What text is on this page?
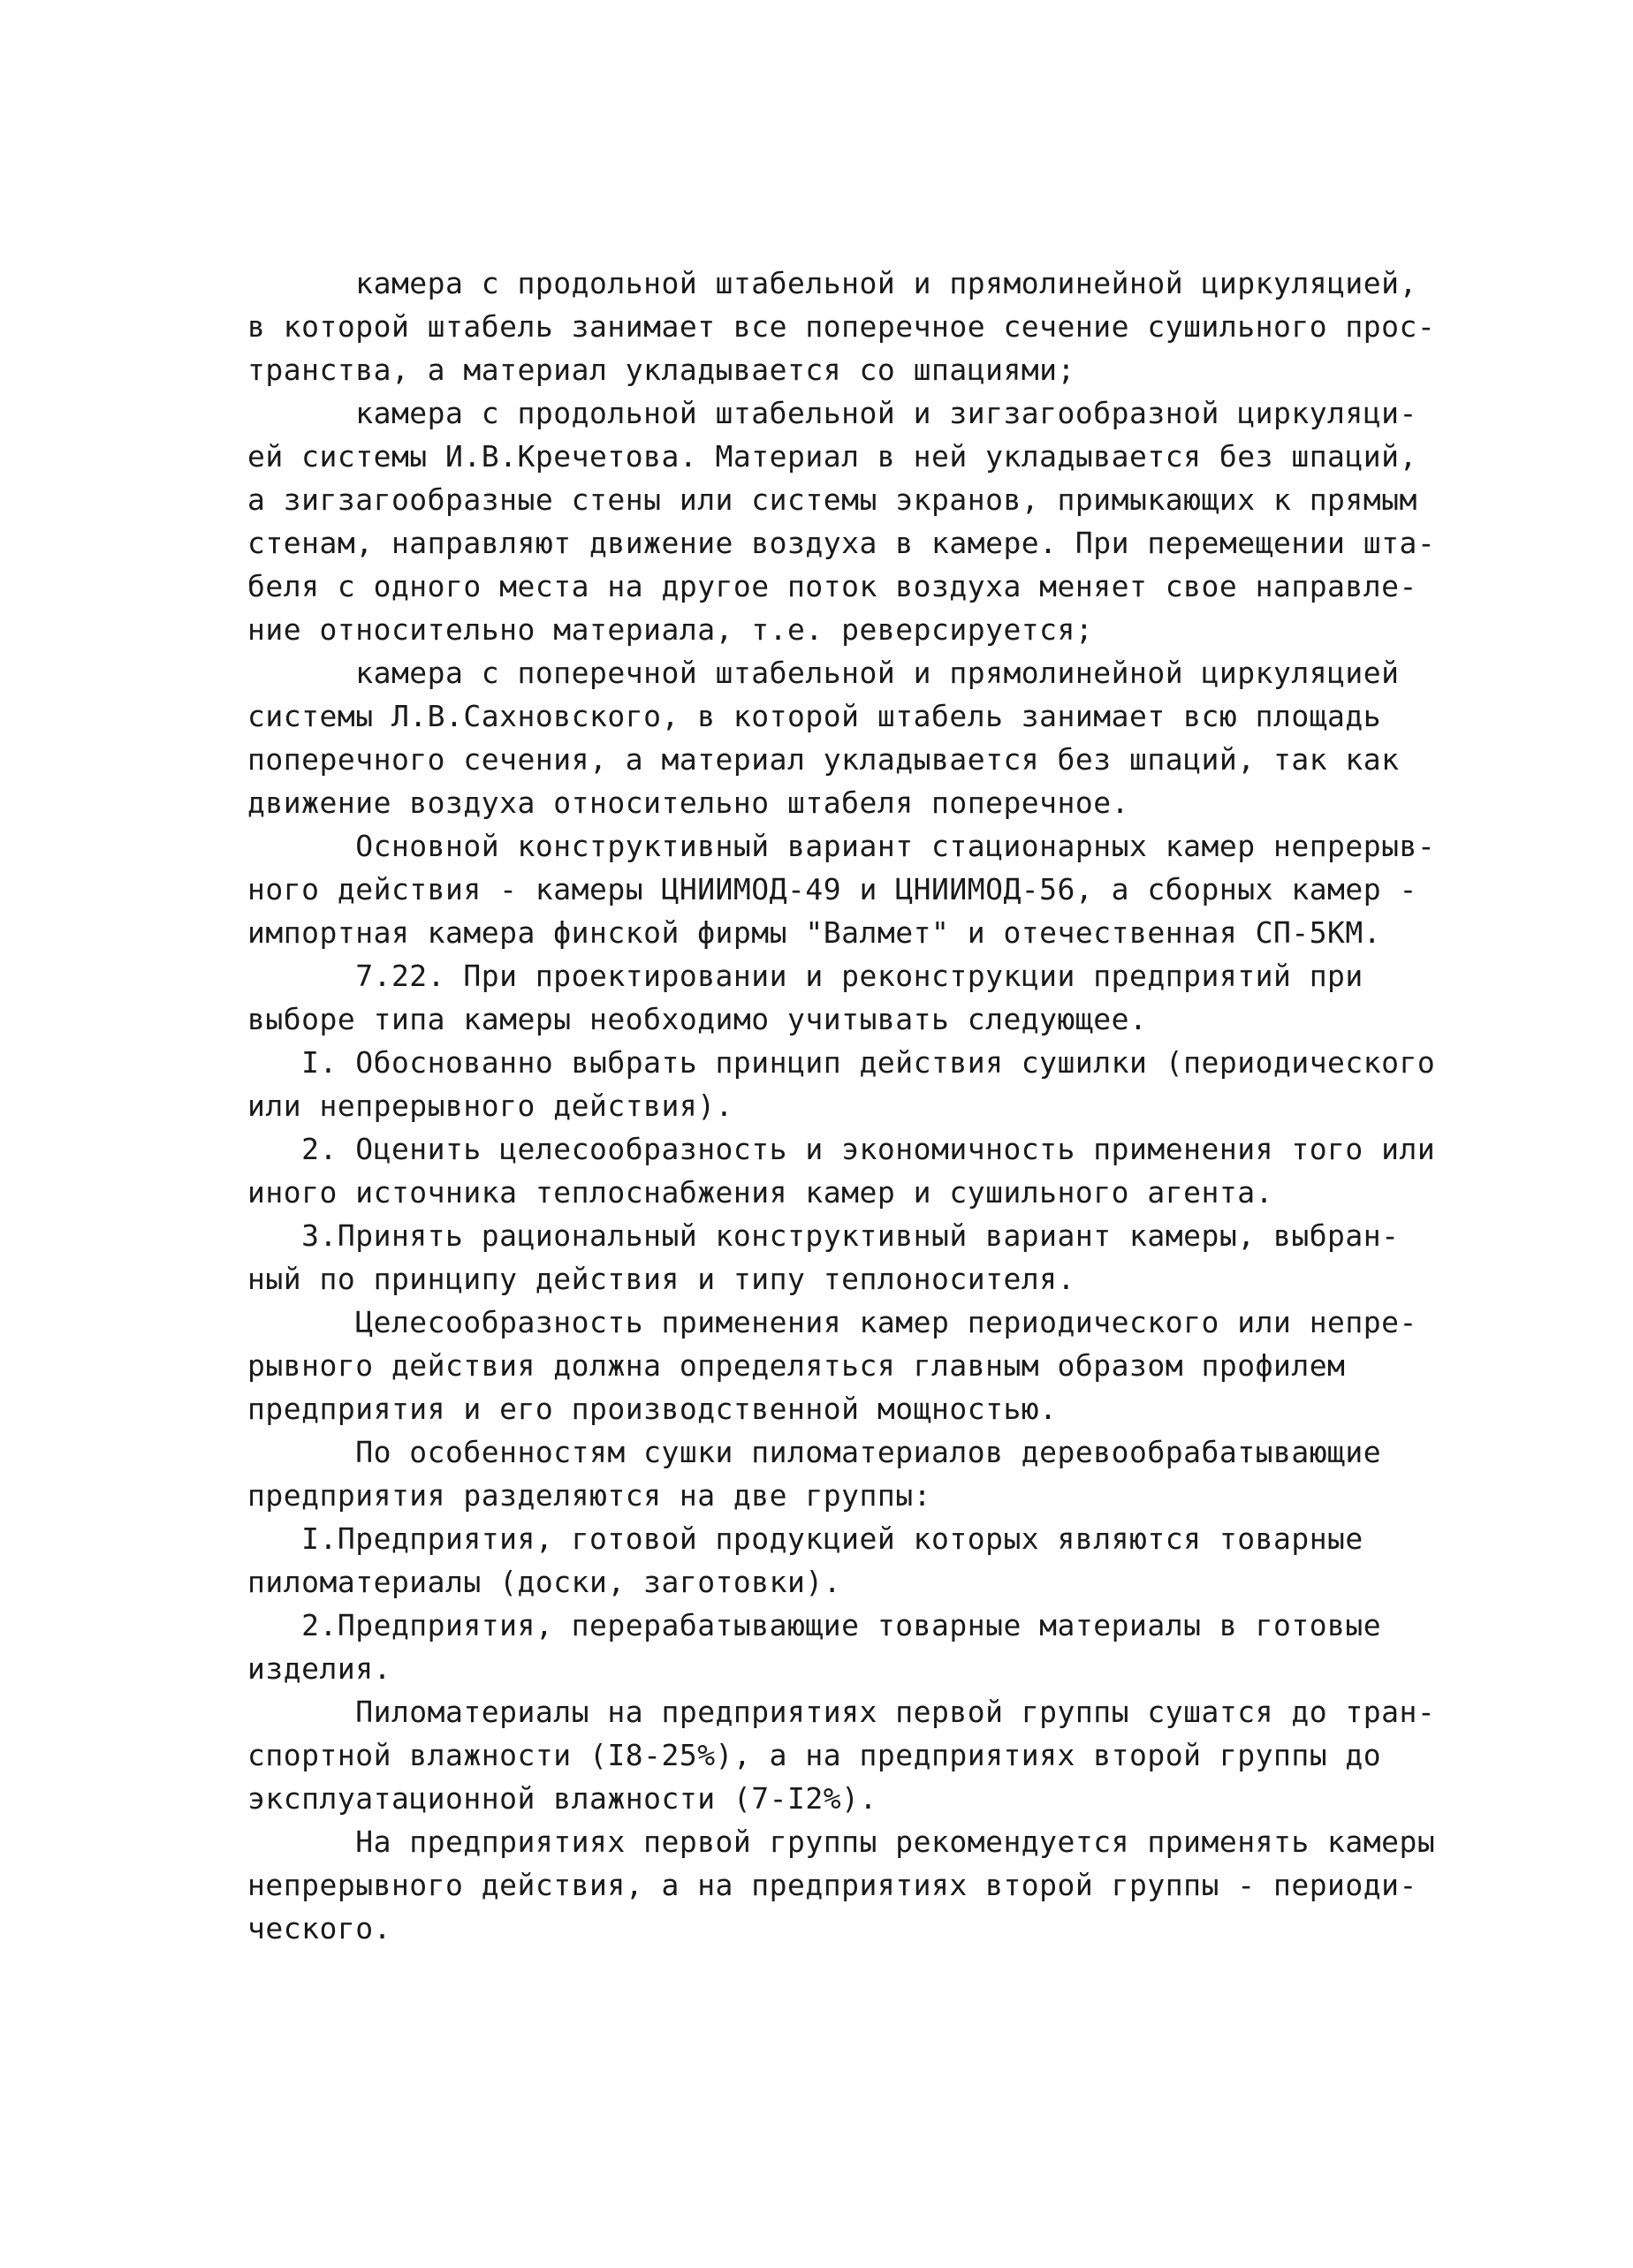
камера с продольной штабельной и прямолинейной циркуляцией,
в которой штабель занимает все поперечное сечение сушильного прос-
транства, а материал укладывается со шпациями;
камера с продольной штабельной и зигзагообразной циркуляци-
ей системы И.В.Кречетова. Материал в ней укладывается без шпаций,
а зигзагообразные стены или системы экранов, примыкающих к прямым
стенам, направляют движение воздуха в камере. При перемещении шта-
беля с одного места на другое поток воздуха меняет свое направле-
ние относительно материала, т.е. реверсируется;
камера с поперечной штабельной и прямолинейной циркуляцией
системы Л.В.Сахновского, в которой штабель занимает всю площадь
поперечного сечения, а материал укладывается без шпаций, так как
движение воздуха относительно штабеля поперечное.
Основной конструктивный вариант стационарных камер непрерыв-
ного действия - камеры ЦНИИМОД-49 и ЦНИИМОД-56, а сборных камер -
импортная камера финской фирмы "Валмет" и отечественная СП-5КМ.
7.22. При проектировании и реконструкции предприятий при
выборе типа камеры необходимо учитывать следующее.
I. Обоснованно выбрать принцип действия сушилки (периодического
или непрерывного действия).
2. Оценить целесообразность и экономичность применения того или
иного источника теплоснабжения камер и сушильного агента.
3.Принять рациональный конструктивный вариант камеры, выбран-
ный по принципу действия и типу теплоносителя.
Целесообразность применения камер периодического или непре-
рывного действия должна определяться главным образом профилем
предприятия и его производственной мощностью.
По особенностям сушки пиломатериалов деревообрабатывающие
предприятия разделяются на две группы:
I.Предприятия, готовой продукцией которых являются товарные
пиломатериалы (доски, заготовки).
2.Предприятия, перерабатывающие товарные материалы в готовые
изделия.
Пиломатериалы на предприятиях первой группы сушатся до тран-
спортной влажности (I8-25%), а на предприятиях второй группы до
эксплуатационной влажности (7-I2%).
На предприятиях первой группы рекомендуется применять камеры
непрерывного действия, а на предприятиях второй группы - периоди-
ческого.
